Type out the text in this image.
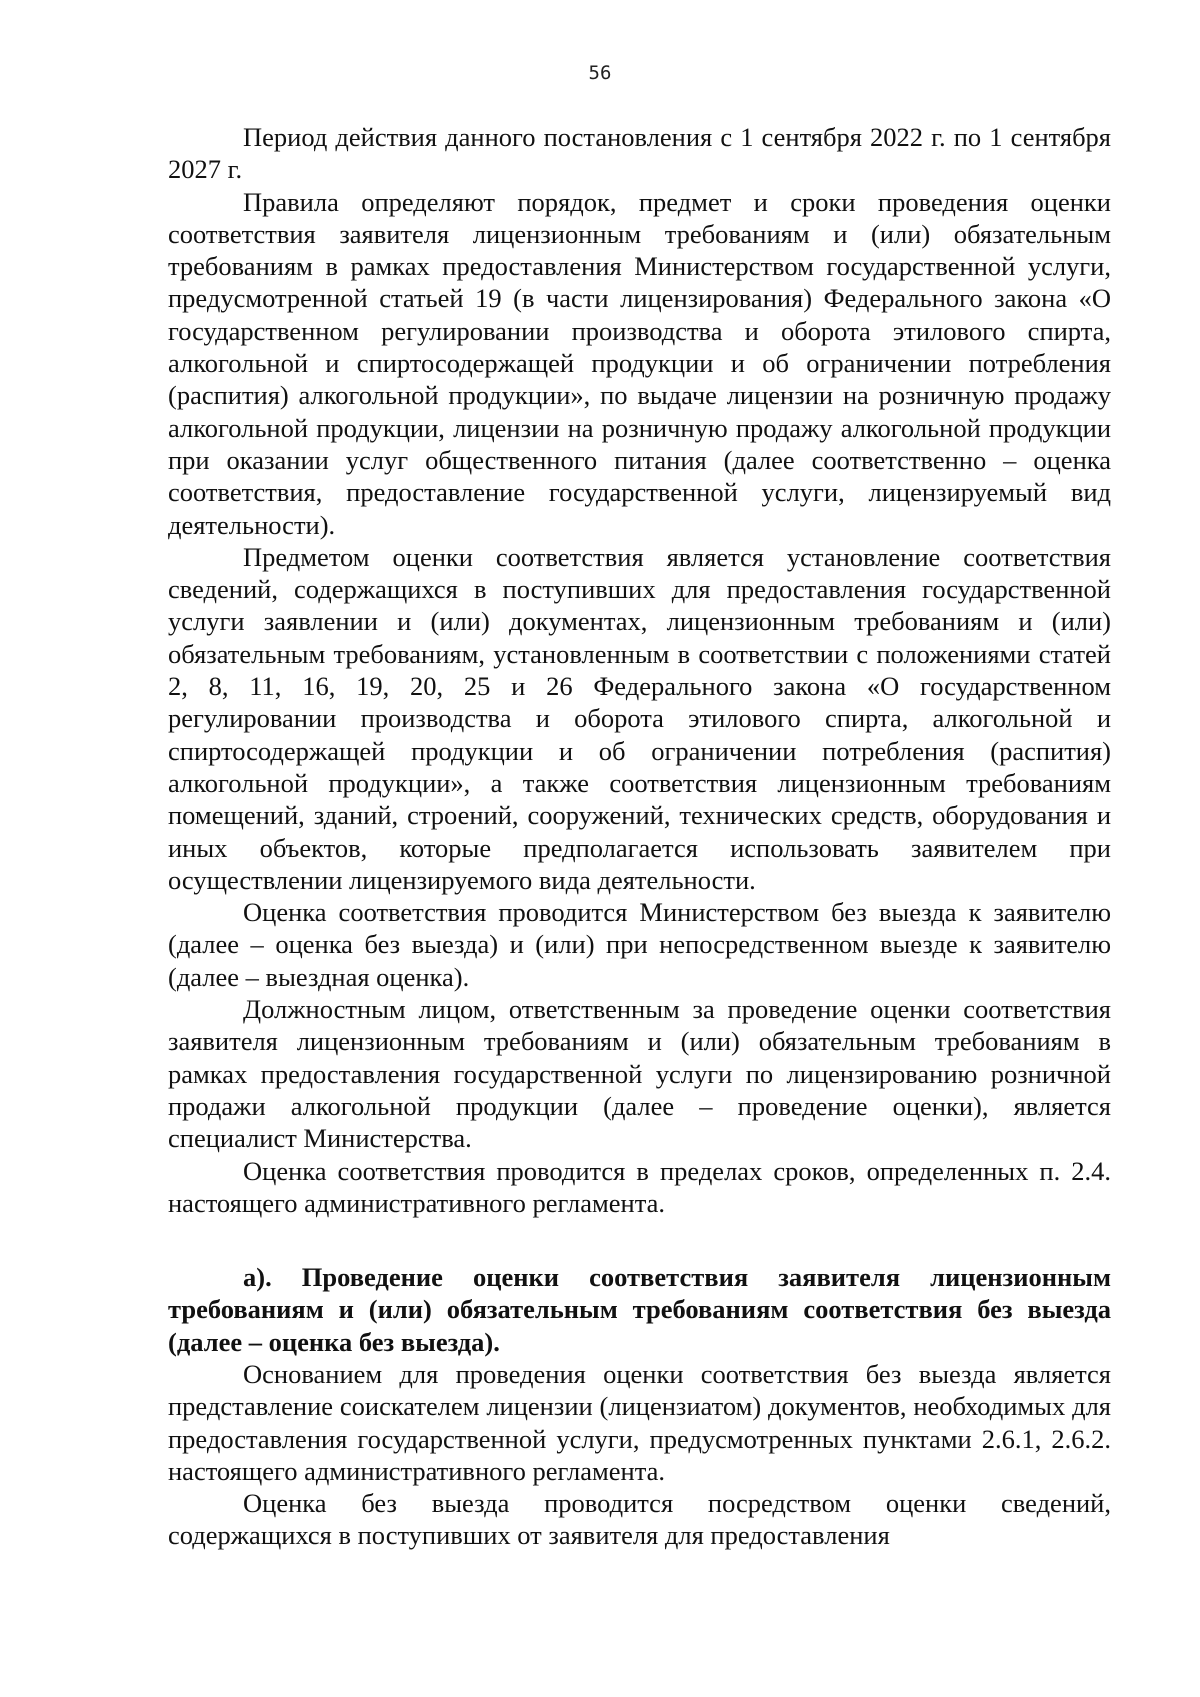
56

Период действия данного постановления с 1 сентября 2022 г. по 1 сентября 2027 г.

Правила определяют порядок, предмет и сроки проведения оценки соответствия заявителя лицензионным требованиям и (или) обязательным требованиям в рамках предоставления Министерством государственной услуги, предусмотренной статьей 19 (в части лицензирования) Федерального закона «О государственном регулировании производства и оборота этилового спирта, алкогольной и спиртосодержащей продукции и об ограничении потребления (распития) алкогольной продукции», по выдаче лицензии на розничную продажу алкогольной продукции, лицензии на розничную продажу алкогольной продукции при оказании услуг общественного питания (далее соответственно – оценка соответствия, предоставление государственной услуги, лицензируемый вид деятельности).

Предметом оценки соответствия является установление соответствия сведений, содержащихся в поступивших для предоставления государственной услуги заявлении и (или) документах, лицензионным требованиям и (или) обязательным требованиям, установленным в соответствии с положениями статей 2, 8, 11, 16, 19, 20, 25 и 26 Федерального закона «О государственном регулировании производства и оборота этилового спирта, алкогольной и спиртосодержащей продукции и об ограничении потребления (распития) алкогольной продукции», а также соответствия лицензионным требованиям помещений, зданий, строений, сооружений, технических средств, оборудования и иных объектов, которые предполагается использовать заявителем при осуществлении лицензируемого вида деятельности.

Оценка соответствия проводится Министерством без выезда к заявителю (далее – оценка без выезда) и (или) при непосредственном выезде к заявителю (далее – выездная оценка).

Должностным лицом, ответственным за проведение оценки соответствия заявителя лицензионным требованиям и (или) обязательным требованиям в рамках предоставления государственной услуги по лицензированию розничной продажи алкогольной продукции (далее – проведение оценки), является специалист Министерства.

Оценка соответствия проводится в пределах сроков, определенных п. 2.4. настоящего административного регламента.

а). Проведение оценки соответствия заявителя лицензионным требованиям и (или) обязательным требованиям соответствия без выезда (далее – оценка без выезда).

Основанием для проведения оценки соответствия без выезда является представление соискателем лицензии (лицензиатом) документов, необходимых для предоставления государственной услуги, предусмотренных пунктами 2.6.1, 2.6.2. настоящего административного регламента.

Оценка без выезда проводится посредством оценки сведений, содержащихся в поступивших от заявителя для предоставления
